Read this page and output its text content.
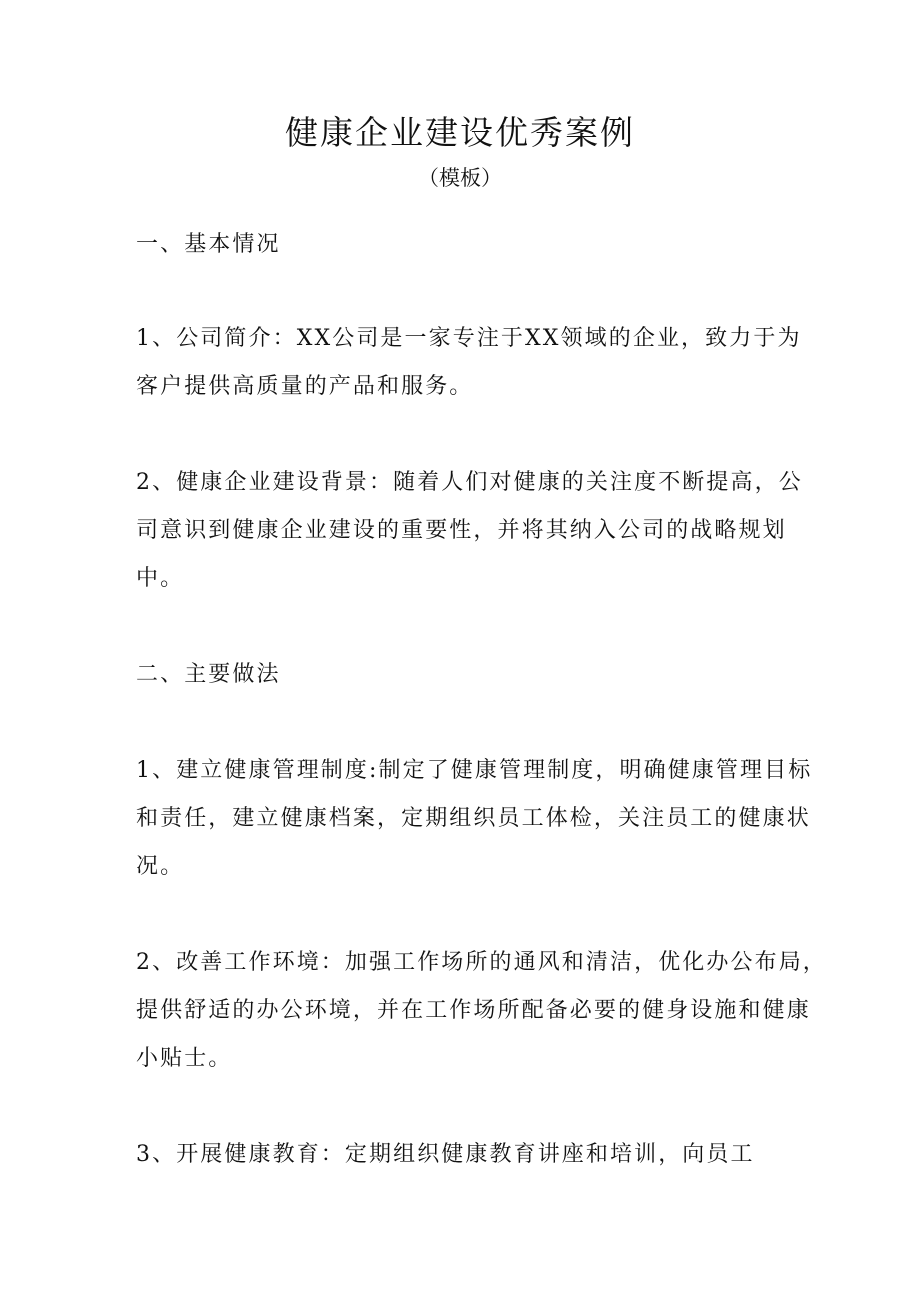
健康企业建设优秀案例
（模板）
一、基本情况
1、公司简介：XX公司是一家专注于XX领域的企业，致力于为
客户提供高质量的产品和服务。
2、健康企业建设背景：随着人们对健康的关注度不断提高，公
司意识到健康企业建设的重要性，并将其纳入公司的战略规划
中。
二、主要做法
1、建立健康管理制度:制定了健康管理制度，明确健康管理目标
和责任，建立健康档案，定期组织员工体检，关注员工的健康状
况。
2、改善工作环境：加强工作场所的通风和清洁，优化办公布局，
提供舒适的办公环境，并在工作场所配备必要的健身设施和健康
小贴士。
3、开展健康教育：定期组织健康教育讲座和培训，向员工
